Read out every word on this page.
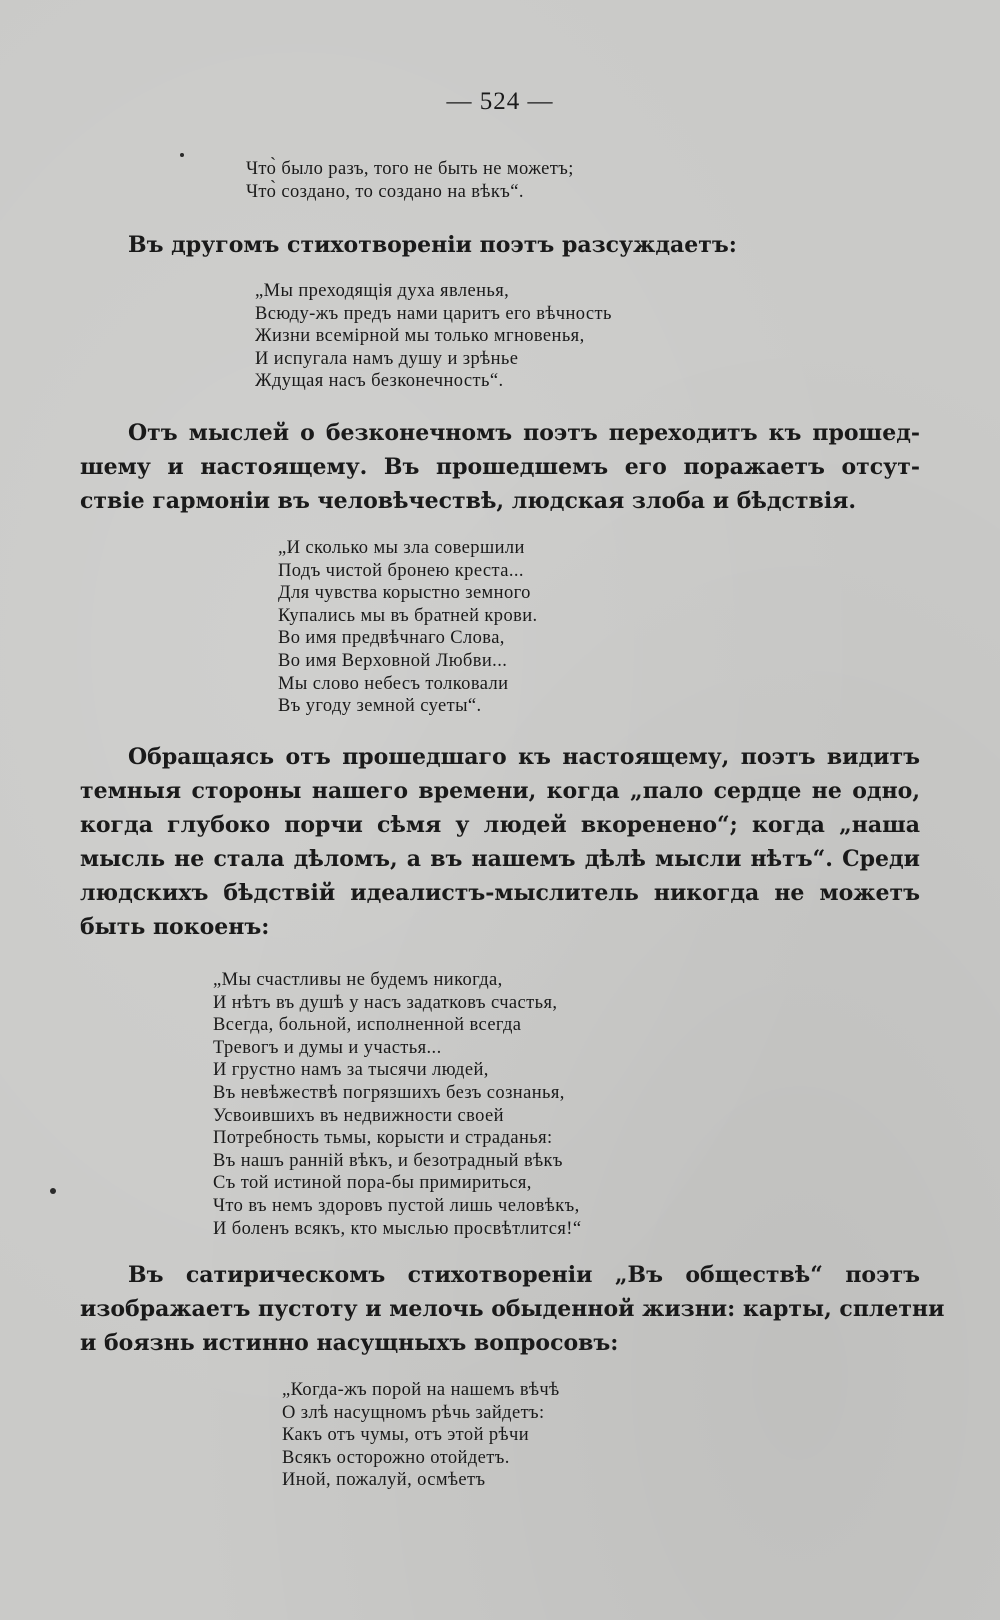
— 524 —
Что̀ было разъ, того не быть не можетъ;
Что̀ создано, то создано на вѣкъ“.
Въ другомъ стихотвореніи поэтъ разсуждаетъ:
„Мы преходящія духа явленья,
Всюду-жъ предъ нами царитъ его вѣчность
Жизни всемірной мы только мгновенья,
И испугала намъ душу и зрѣнье
Ждущая насъ безконечность“.
Отъ мыслей о безконечномъ поэтъ переходитъ къ прошед-
шему и настоящему. Въ прошедшемъ его поражаетъ отсут-
ствіе гармоніи въ человѣчествѣ, людская злоба и бѣдствія.
„И сколько мы зла совершили
Подъ чистой бронею креста...
Для чувства корыстно земного
Купались мы въ братней крови.
Во имя предвѣчнаго Слова,
Во имя Верховной Любви...
Мы слово небесъ толковали
Въ угоду земной суеты“.
Обращаясь отъ прошедшаго къ настоящему, поэтъ видитъ
темныя стороны нашего времени, когда „пало сердце не одно,
когда глубоко порчи сѣмя у людей вкоренено“; когда „наша
мысль не стала дѣломъ, а въ нашемъ дѣлѣ мысли нѣтъ“. Среди
людскихъ бѣдствій идеалистъ-мыслитель никогда не можетъ
быть покоенъ:
„Мы счастливы не будемъ никогда,
И нѣтъ въ душѣ у насъ задатковъ счастья,
Всегда, больной, исполненной всегда
Тревогъ и думы и участья...
И грустно намъ за тысячи людей,
Въ невѣжествѣ погрязшихъ безъ сознанья,
Усвоившихъ въ недвижности своей
Потребность тьмы, корысти и страданья:
Въ нашъ ранній вѣкъ, и безотрадный вѣкъ
Съ той истиной пора-бы примириться,
Что въ немъ здоровъ пустой лишь человѣкъ,
И боленъ всякъ, кто мыслью просвѣтлится!“
Въ сатирическомъ стихотвореніи „Въ обществѣ“ поэтъ
изображаетъ пустоту и мелочь обыденной жизни: карты, сплетни
и боязнь истинно насущныхъ вопросовъ:
„Когда-жъ порой на нашемъ вѣчѣ
О злѣ насущномъ рѣчь зайдетъ:
Какъ отъ чумы, отъ этой рѣчи
Всякъ осторожно отойдетъ.
Иной, пожалуй, осмѣетъ
